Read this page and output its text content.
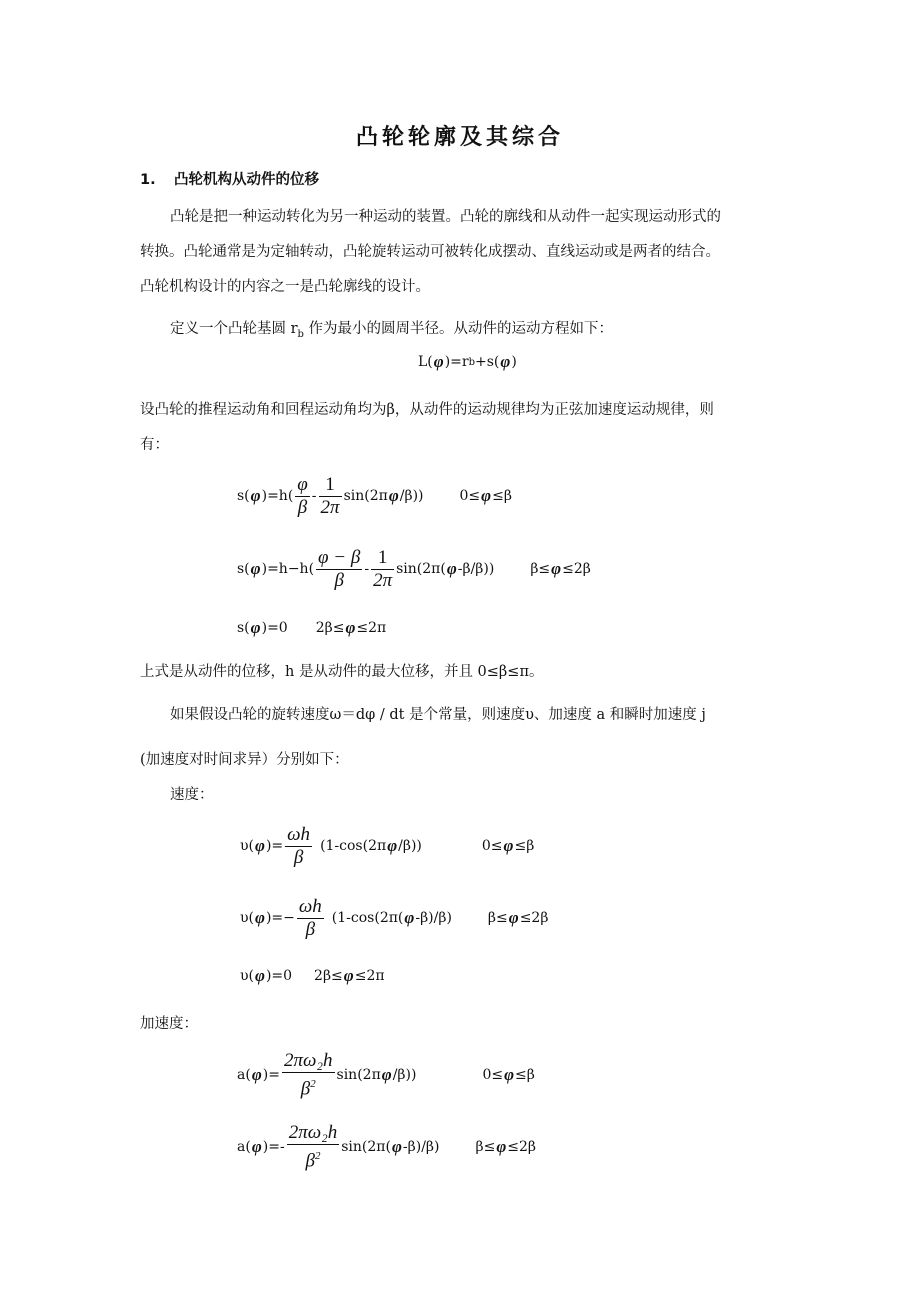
凸轮轮廓及其综合
1. 凸轮机构从动件的位移
凸轮是把一种运动转化为另一种运动的装置。凸轮的廓线和从动件一起实现运动形式的
转换。凸轮通常是为定轴转动，凸轮旋转运动可被转化成摆动、直线运动或是两者的结合。
凸轮机构设计的内容之一是凸轮廓线的设计。
定义一个凸轮基圆 $r_b$ 作为最小的圆周半径。从动件的运动方程如下：
L( φ )=r b +s( φ )
设凸轮的推程运动角和回程运动角均为β，从动件的运动规律均为正弦加速度运动规律，则
有：
s( φ )$=h( \frac{\varphi}{\beta} - \frac{1}{2\pi} \sin(2\pi$ φ /β))	0≤ φ ≤β
s( φ )$=h-h( \frac{\varphi - \beta}{\beta} - \frac{1}{2\pi} \sin(2\pi$( φ -β/β))	β≤ φ ≤2β
s( φ )=0 2β≤ φ ≤2π
上式是从动件的位移，h 是从动件的最大位移，并且 0≤β≤π。
如果假设凸轮的旋转速度ω＝dφ / dt 是个常量，则速度υ、加速度 a 和瞬时加速度 j
(加速度对时间求异）分别如下：
速度：
υ( φ )= $\frac{\omega h}{\beta} (1-\cos(2\pi$ φ /β))	0≤ φ ≤β
υ( φ )=− $\frac{\omega h}{\beta} (1-\cos(2\pi$( φ -β)/β)	β≤ φ ≤2β
υ( φ )=0 2β≤ φ ≤2π
加速度：
a( φ )= $\frac{\text{2πω₂h}}{\beta^2} \sin(2\pi$ φ /β))	0≤ φ ≤β
a( φ )=- $\frac{\text{2πω₂h}}{\beta^2} \sin(2\pi$( φ -β)/β)	β≤ φ ≤2β
